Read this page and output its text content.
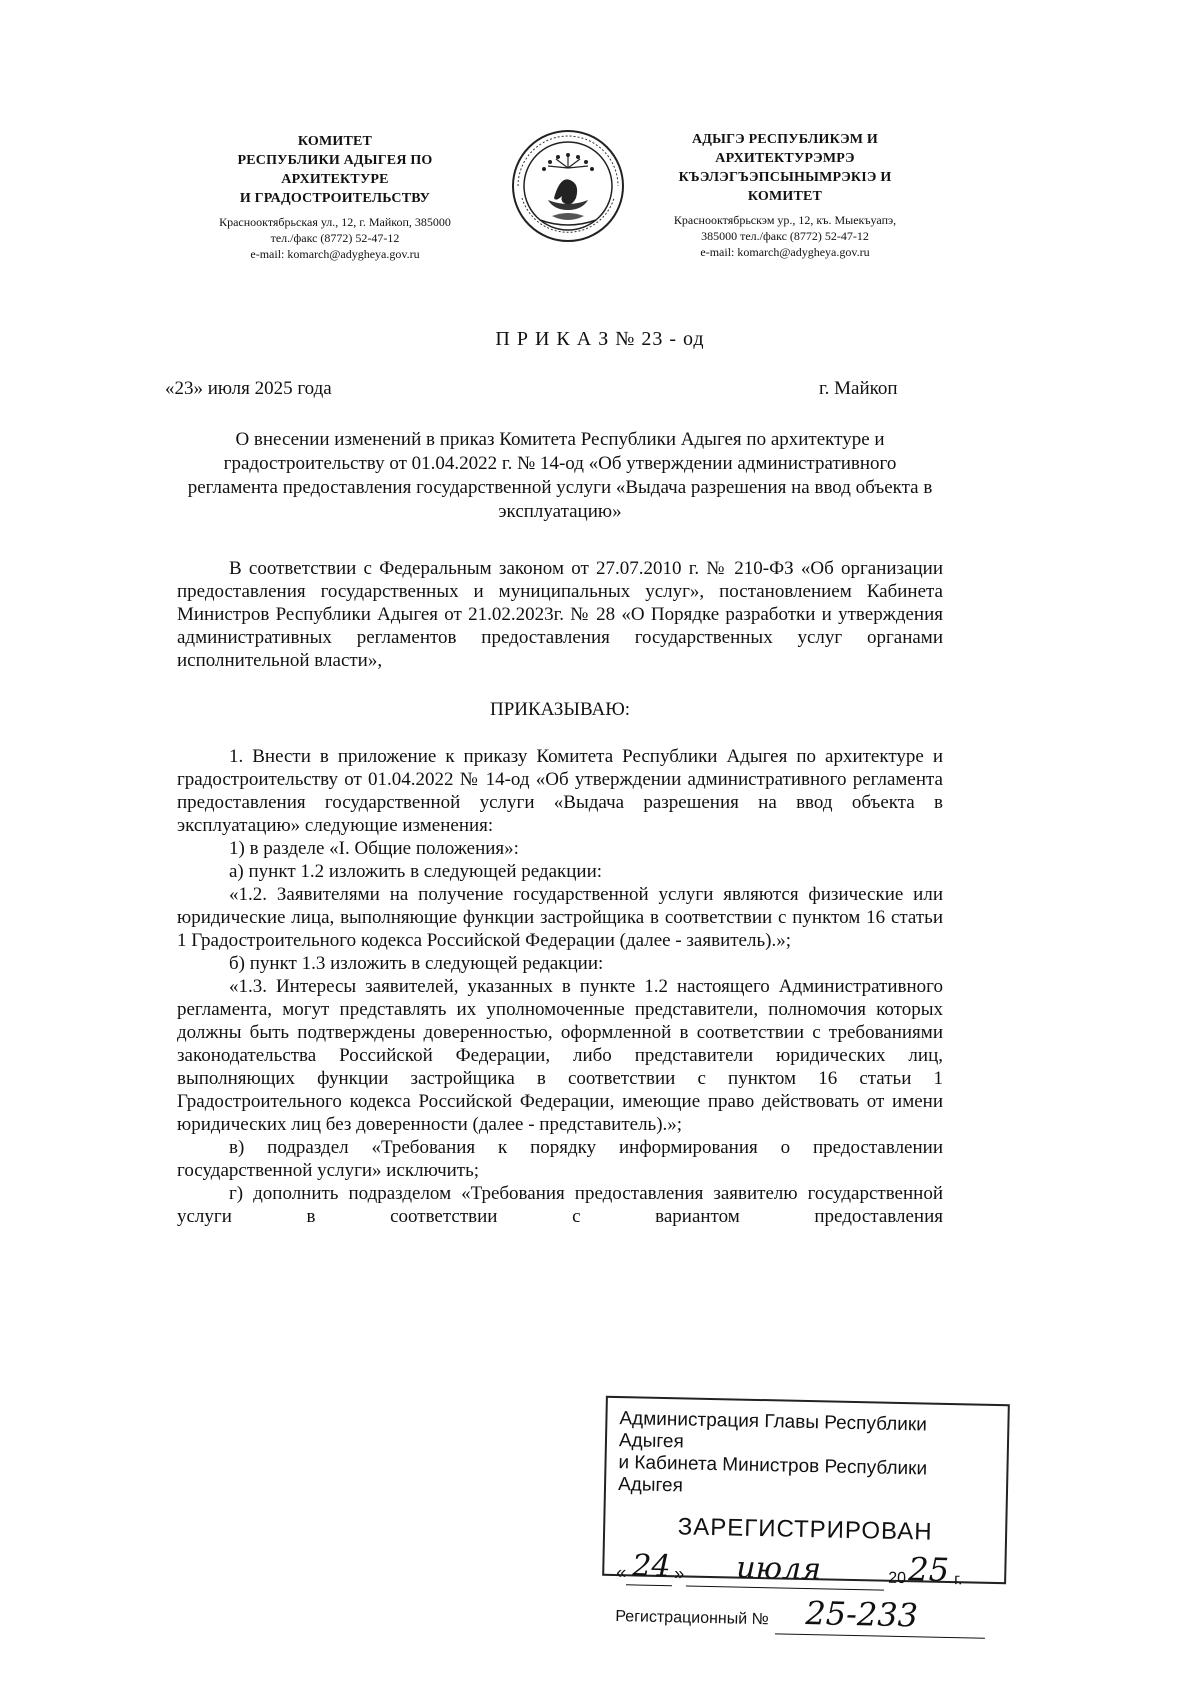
КОМИТЕТ
РЕСПУБЛИКИ АДЫГЕЯ ПО
АРХИТЕКТУРЕ
И ГРАДОСТРОИТЕЛЬСТВУ
Краснооктябрьская ул., 12, г. Майкоп, 385000
тел./факс (8772) 52-47-12
e-mail: komarch@adygheya.gov.ru
АДЫГЭ РЕСПУБЛИКЭМ И
АРХИТЕКТУРЭМРЭ
КЪЭЛЭГЪЭПСЫНЫМРЭКIЭ И
КОМИТЕТ
Краснооктябрьскэм ур., 12, къ. Мыекъуапэ,
385000 тел./факс (8772) 52-47-12
e-mail: komarch@adygheya.gov.ru
П Р И К А З № 23 - од
«23» июля 2025 года	г. Майкоп
О внесении изменений в приказ Комитета Республики Адыгея по архитектуре и градостроительству от 01.04.2022 г. № 14-од «Об утверждении административного регламента предоставления государственной услуги «Выдача разрешения на ввод объекта в эксплуатацию»

В соответствии с Федеральным законом от 27.07.2010 г. № 210-ФЗ «Об организации предоставления государственных и муниципальных услуг», постановлением Кабинета Министров Республики Адыгея от 21.02.2023г. № 28 «О Порядке разработки и утверждения административных регламентов предоставления государственных услуг органами исполнительной власти»,

ПРИКАЗЫВАЮ:

1. Внести в приложение к приказу Комитета Республики Адыгея по архитектуре и градостроительству от 01.04.2022 № 14-од «Об утверждении административного регламента предоставления государственной услуги «Выдача разрешения на ввод объекта в эксплуатацию» следующие изменения:

1) в разделе «I. Общие положения»:

а) пункт 1.2 изложить в следующей редакции:

«1.2. Заявителями на получение государственной услуги являются физические или юридические лица, выполняющие функции застройщика в соответствии с пунктом 16 статьи 1 Градостроительного кодекса Российской Федерации (далее - заявитель).»;

б) пункт 1.3 изложить в следующей редакции:

«1.3. Интересы заявителей, указанных в пункте 1.2 настоящего Административного регламента, могут представлять их уполномоченные представители, полномочия которых должны быть подтверждены доверенностью, оформленной в соответствии с требованиями законодательства Российской Федерации, либо представители юридических лиц, выполняющих функции застройщика в соответствии с пунктом 16 статьи 1 Градостроительного кодекса Российской Федерации, имеющие право действовать от имени юридических лиц без доверенности (далее - представитель).»;

в) подраздел «Требования к порядку информирования о предоставлении государственной услуги» исключить;

г) дополнить подразделом «Требования предоставления заявителю государственной услуги в соответствии с вариантом предоставления

Администрация Главы Республики Адыгея
и Кабинета Министров Республики Адыгея
ЗАРЕГИСТРИРОВАН
« 24 » июля	20 25 г.
Регистрационный № 25-233
